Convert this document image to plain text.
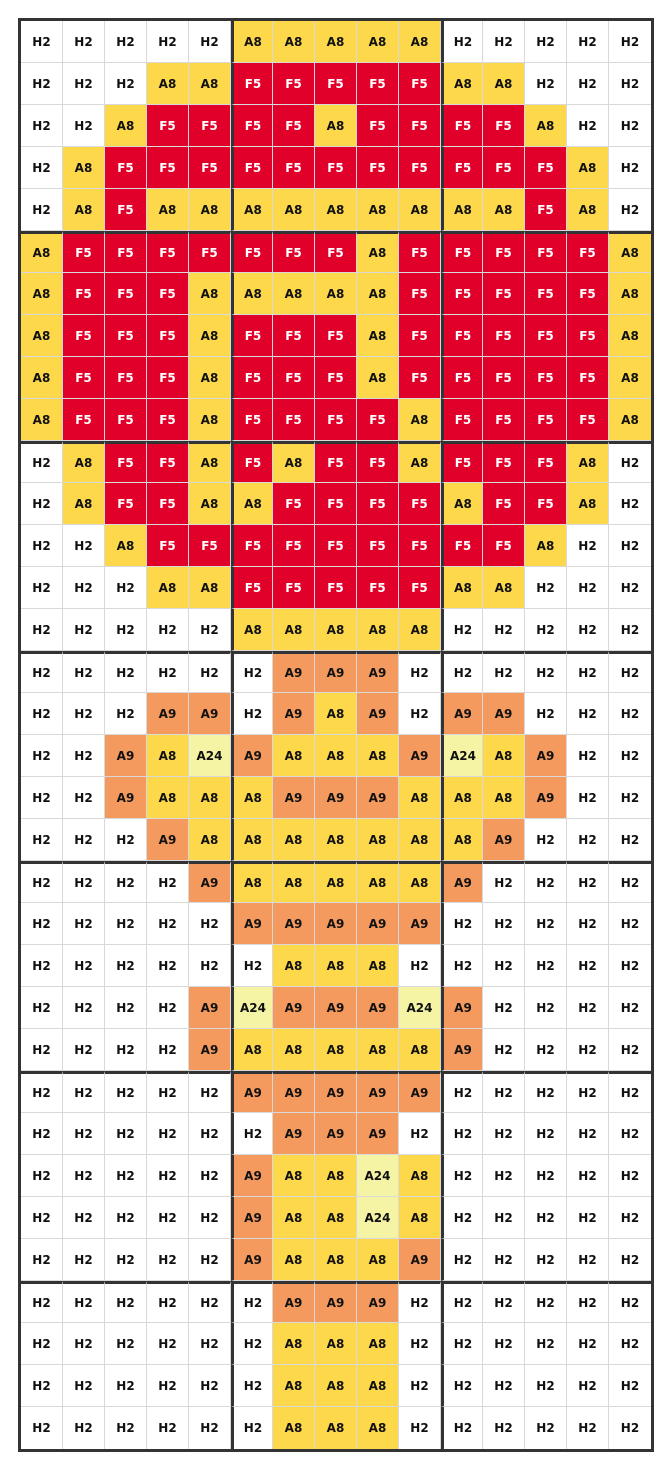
H2	H2	H2	H2	H2	A8	A8	A8	A8	A8	H2	H2	H2	H2	H2
H2	H2	H2	A8	A8	F5	F5	F5	F5	F5	A8	A8	H2	H2	H2
H2	H2	A8	F5	F5	F5	F5	A8	F5	F5	F5	F5	A8	H2	H2
H2	A8	F5	F5	F5	F5	F5	F5	F5	F5	F5	F5	F5	A8	H2
H2	A8	F5	A8	A8	A8	A8	A8	A8	A8	A8	A8	F5	A8	H2
A8	F5	F5	F5	F5	F5	F5	F5	A8	F5	F5	F5	F5	F5	A8
A8	F5	F5	F5	A8	A8	A8	A8	A8	F5	F5	F5	F5	F5	A8
A8	F5	F5	F5	A8	F5	F5	F5	A8	F5	F5	F5	F5	F5	A8
A8	F5	F5	F5	A8	F5	F5	F5	A8	F5	F5	F5	F5	F5	A8
A8	F5	F5	F5	A8	F5	F5	F5	F5	A8	F5	F5	F5	F5	A8
H2	A8	F5	F5	A8	F5	A8	F5	F5	A8	F5	F5	F5	A8	H2
H2	A8	F5	F5	A8	A8	F5	F5	F5	F5	A8	F5	F5	A8	H2
H2	H2	A8	F5	F5	F5	F5	F5	F5	F5	F5	F5	A8	H2	H2
H2	H2	H2	A8	A8	F5	F5	F5	F5	F5	A8	A8	H2	H2	H2
H2	H2	H2	H2	H2	A8	A8	A8	A8	A8	H2	H2	H2	H2	H2
H2	H2	H2	H2	H2	H2	A9	A9	A9	H2	H2	H2	H2	H2	H2
H2	H2	H2	A9	A9	H2	A9	A8	A9	H2	A9	A9	H2	H2	H2
H2	H2	A9	A8	A24	A9	A8	A8	A8	A9	A24	A8	A9	H2	H2
H2	H2	A9	A8	A8	A8	A9	A9	A9	A8	A8	A8	A9	H2	H2
H2	H2	H2	A9	A8	A8	A8	A8	A8	A8	A8	A9	H2	H2	H2
H2	H2	H2	H2	A9	A8	A8	A8	A8	A8	A9	H2	H2	H2	H2
H2	H2	H2	H2	H2	A9	A9	A9	A9	A9	H2	H2	H2	H2	H2
H2	H2	H2	H2	H2	H2	A8	A8	A8	H2	H2	H2	H2	H2	H2
H2	H2	H2	H2	A9	A24	A9	A9	A9	A24	A9	H2	H2	H2	H2
H2	H2	H2	H2	A9	A8	A8	A8	A8	A8	A9	H2	H2	H2	H2
H2	H2	H2	H2	H2	A9	A9	A9	A9	A9	H2	H2	H2	H2	H2
H2	H2	H2	H2	H2	H2	A9	A9	A9	H2	H2	H2	H2	H2	H2
H2	H2	H2	H2	H2	A9	A8	A8	A24	A8	H2	H2	H2	H2	H2
H2	H2	H2	H2	H2	A9	A8	A8	A24	A8	H2	H2	H2	H2	H2
H2	H2	H2	H2	H2	A9	A8	A8	A8	A9	H2	H2	H2	H2	H2
H2	H2	H2	H2	H2	H2	A9	A9	A9	H2	H2	H2	H2	H2	H2
H2	H2	H2	H2	H2	H2	A8	A8	A8	H2	H2	H2	H2	H2	H2
H2	H2	H2	H2	H2	H2	A8	A8	A8	H2	H2	H2	H2	H2	H2
H2	H2	H2	H2	H2	H2	A8	A8	A8	H2	H2	H2	H2	H2	H2
